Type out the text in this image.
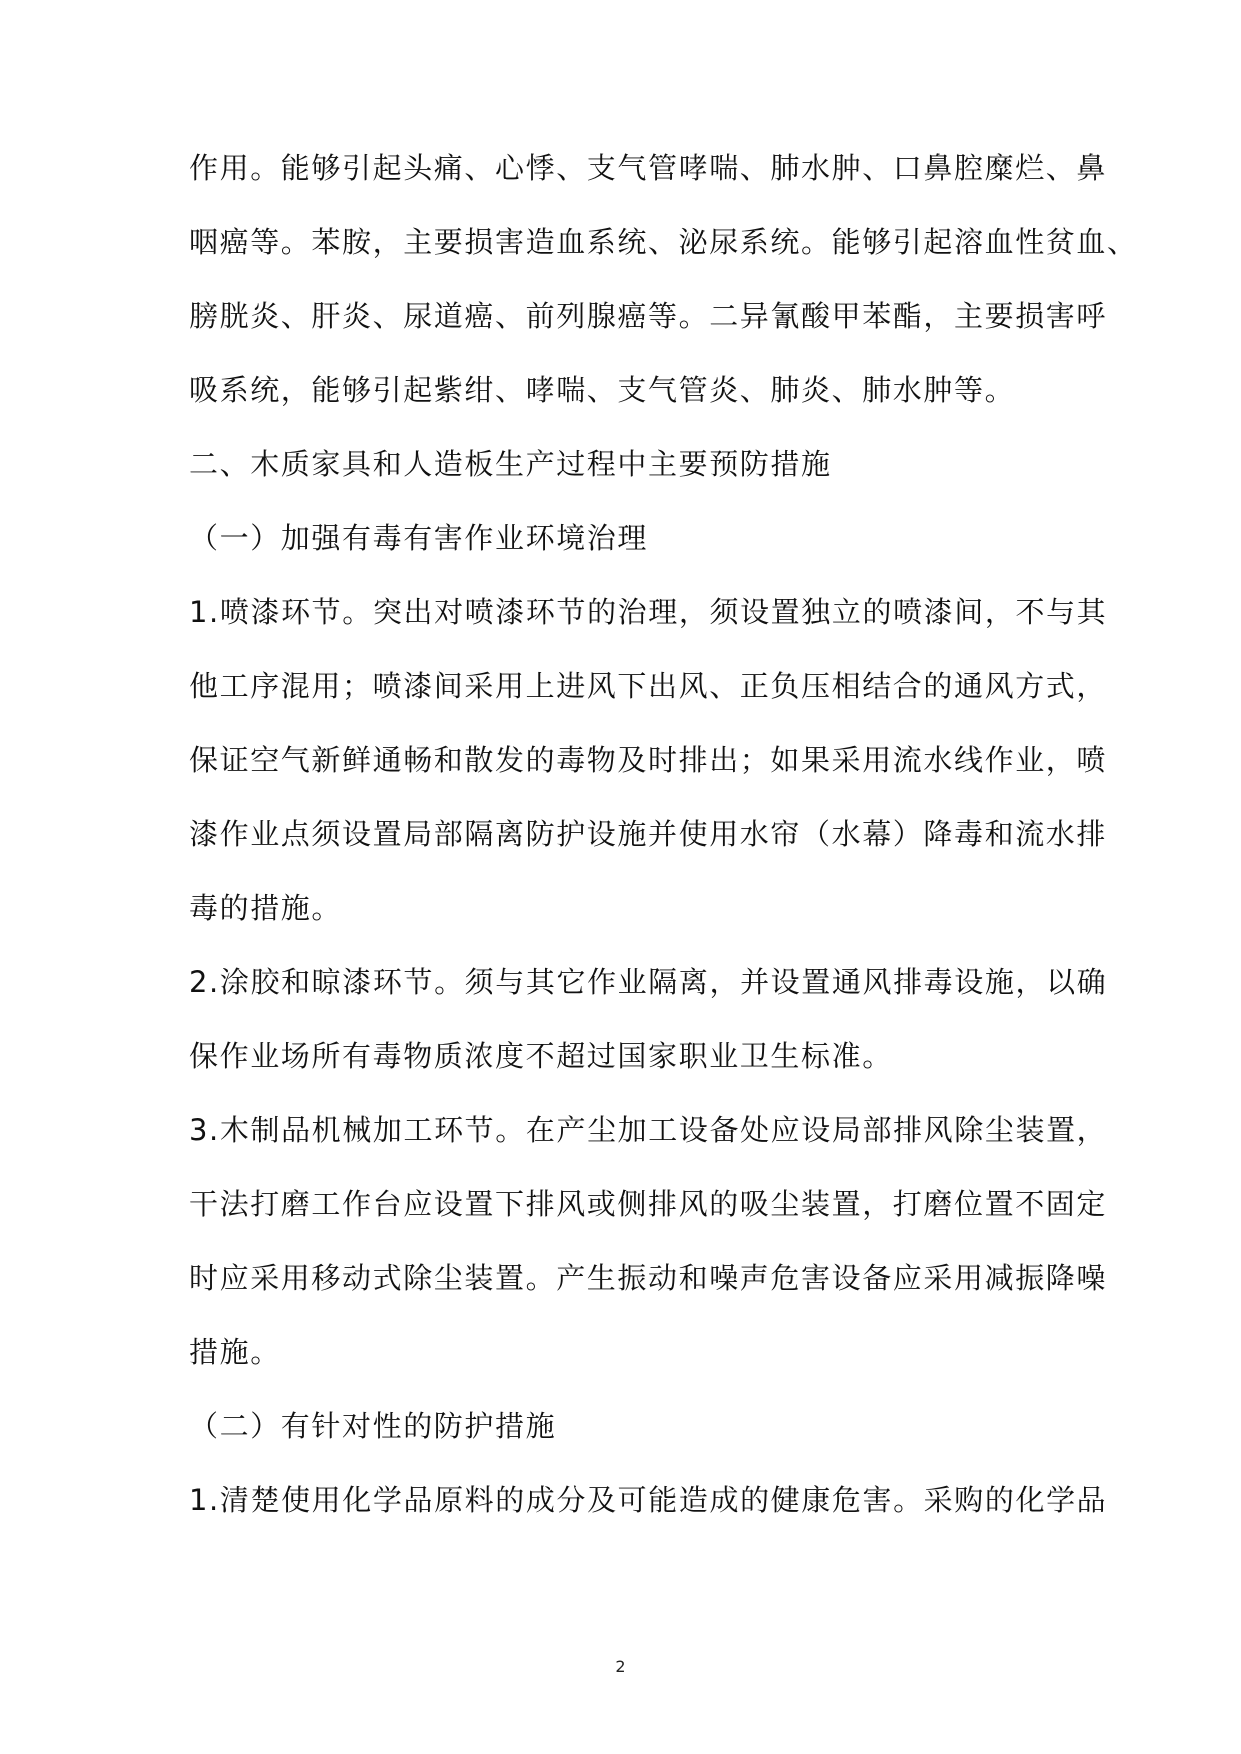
作用。能够引起头痛、心悸、支气管哮喘、肺水肿、口鼻腔糜烂、鼻
咽癌等。苯胺，主要损害造血系统、泌尿系统。能够引起溶血性贫血、
膀胱炎、肝炎、尿道癌、前列腺癌等。二异氰酸甲苯酯，主要损害呼
吸系统，能够引起紫绀、哮喘、支气管炎、肺炎、肺水肿等。
二、木质家具和人造板生产过程中主要预防措施
（一）加强有毒有害作业环境治理
1.喷漆环节。突出对喷漆环节的治理，须设置独立的喷漆间，不与其
他工序混用；喷漆间采用上进风下出风、正负压相结合的通风方式，
保证空气新鲜通畅和散发的毒物及时排出；如果采用流水线作业，喷
漆作业点须设置局部隔离防护设施并使用水帘（水幕）降毒和流水排
毒的措施。
2.涂胶和晾漆环节。须与其它作业隔离，并设置通风排毒设施，以确
保作业场所有毒物质浓度不超过国家职业卫生标准。
3.木制品机械加工环节。在产尘加工设备处应设局部排风除尘装置，
干法打磨工作台应设置下排风或侧排风的吸尘装置，打磨位置不固定
时应采用移动式除尘装置。产生振动和噪声危害设备应采用减振降噪
措施。
（二）有针对性的防护措施
1.清楚使用化学品原料的成分及可能造成的健康危害。采购的化学品
2
